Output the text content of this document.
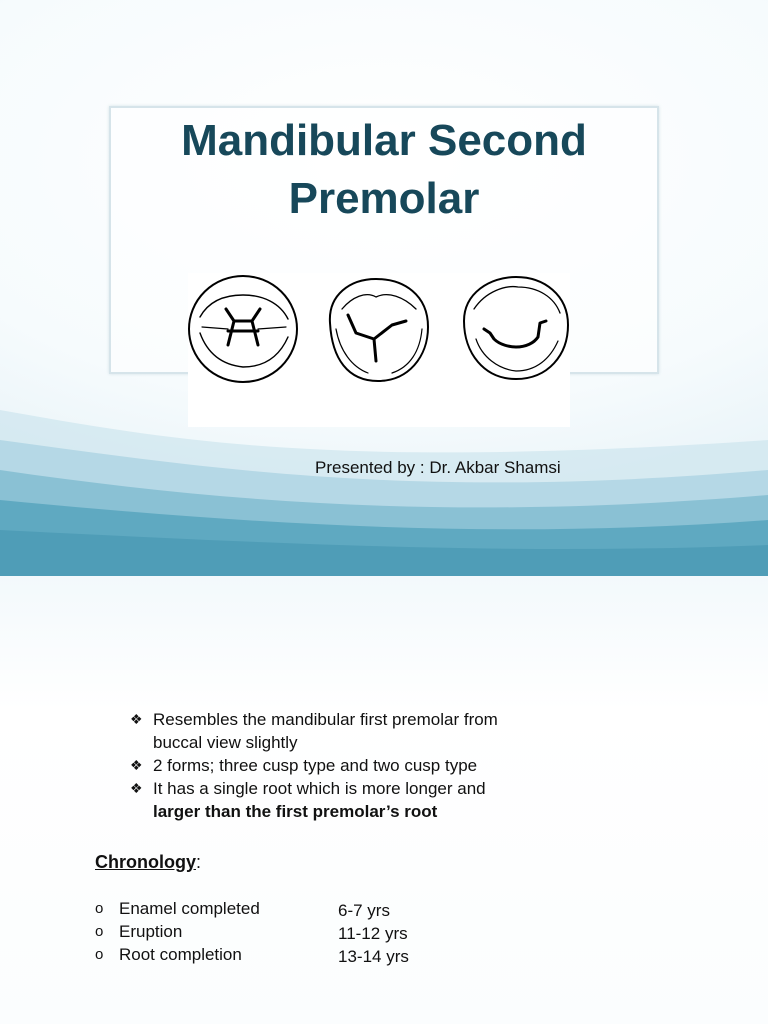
Mandibular Second
Premolar
Presented by : Dr. Akbar Shamsi
❖ Resembles the mandibular first premolar from
buccal view slightly
❖ 2 forms; three cusp type and two cusp type
❖ It has a single root which is more longer and
larger than the first premolar’s root
Chronology:
o Enamel completed	6-7 yrs
o Eruption	11-12 yrs
o Root completion	13-14 yrs
